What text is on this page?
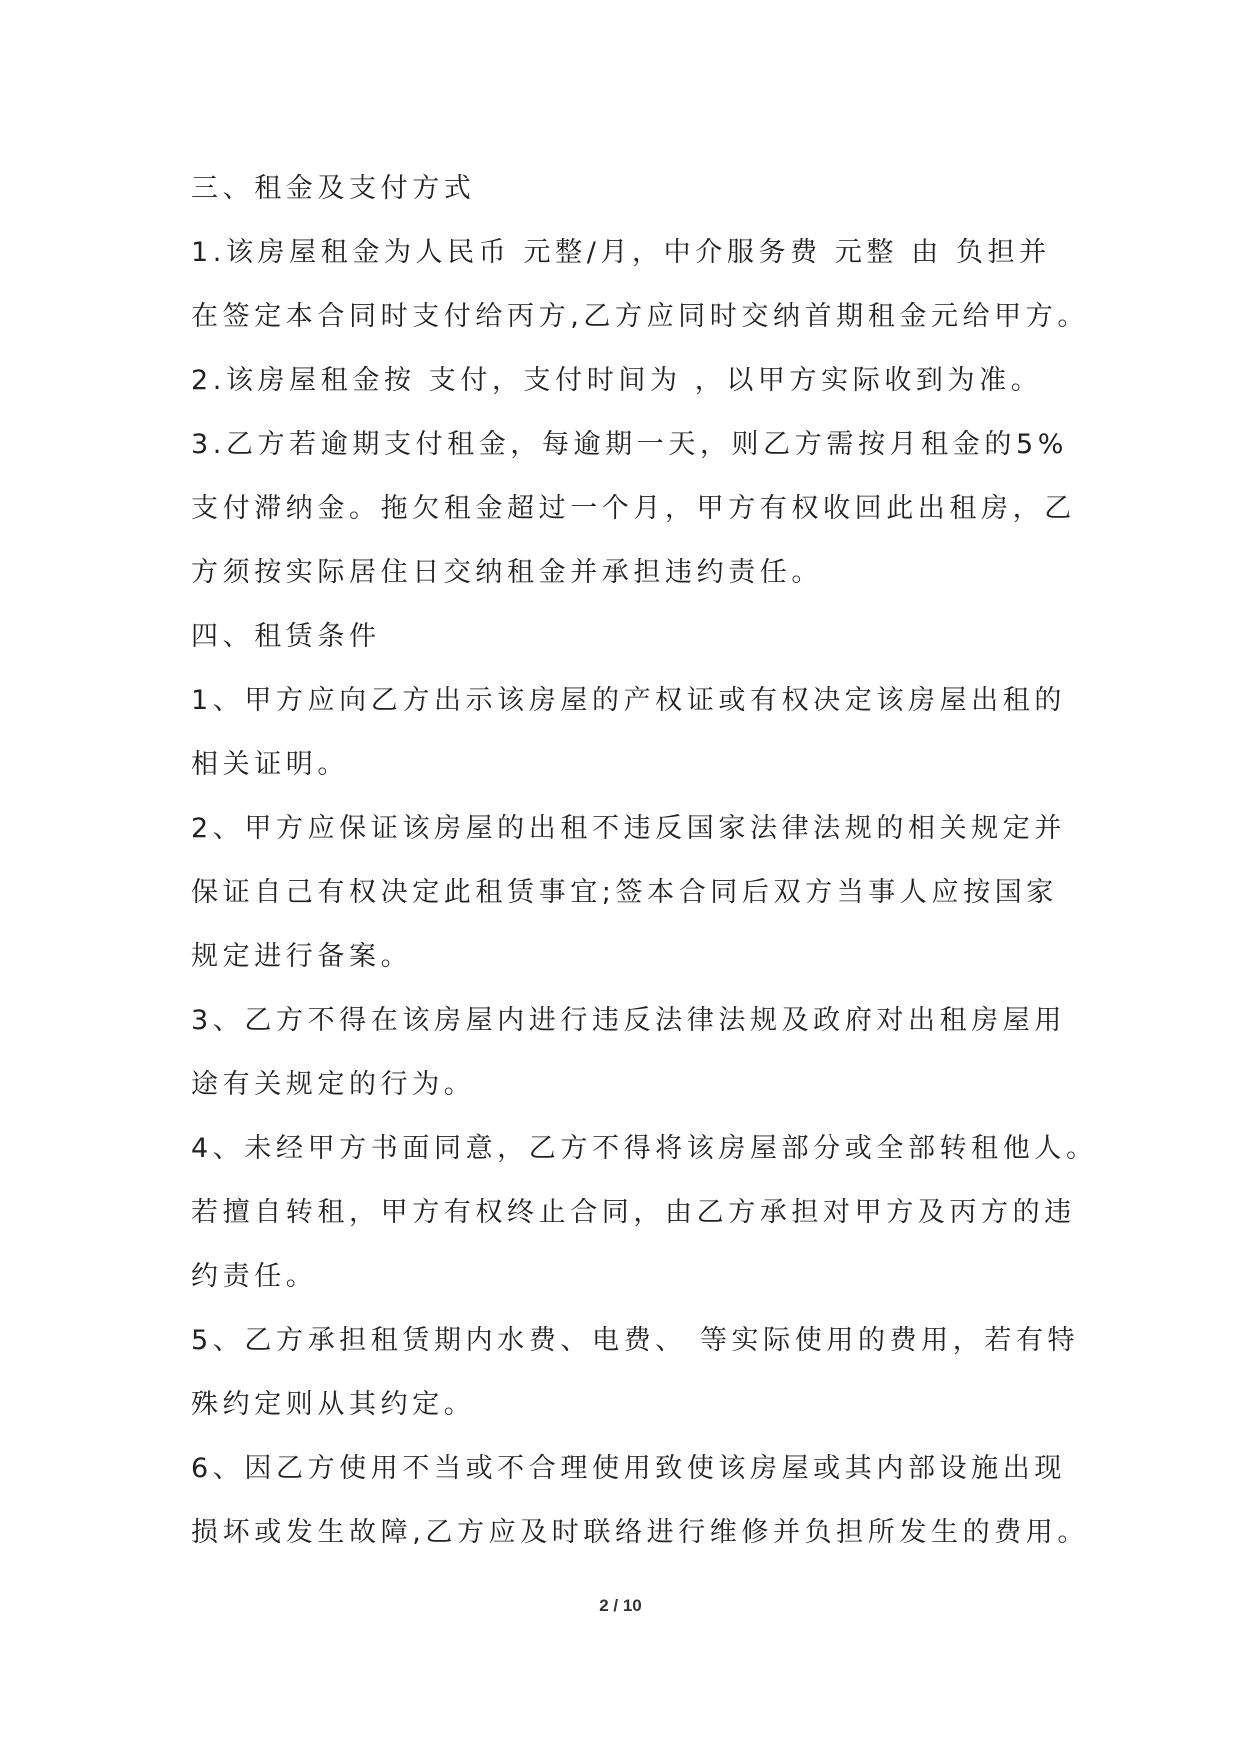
三、租金及支付方式
1.该房屋租金为人民币 元整/月，中介服务费 元整 由 负担并
在签定本合同时支付给丙方,乙方应同时交纳首期租金元给甲方。
2.该房屋租金按 支付，支付时间为 ，以甲方实际收到为准。
3.乙方若逾期支付租金，每逾期一天，则乙方需按月租金的5%
支付滞纳金。拖欠租金超过一个月，甲方有权收回此出租房，乙
方须按实际居住日交纳租金并承担违约责任。
四、租赁条件
1、甲方应向乙方出示该房屋的产权证或有权决定该房屋出租的
相关证明。
2、甲方应保证该房屋的出租不违反国家法律法规的相关规定并
保证自己有权决定此租赁事宜;签本合同后双方当事人应按国家
规定进行备案。
3、乙方不得在该房屋内进行违反法律法规及政府对出租房屋用
途有关规定的行为。
4、未经甲方书面同意，乙方不得将该房屋部分或全部转租他人。
若擅自转租，甲方有权终止合同，由乙方承担对甲方及丙方的违
约责任。
5、乙方承担租赁期内水费、电费、 等实际使用的费用，若有特
殊约定则从其约定。
6、因乙方使用不当或不合理使用致使该房屋或其内部设施出现
损坏或发生故障,乙方应及时联络进行维修并负担所发生的费用。
2 / 10
